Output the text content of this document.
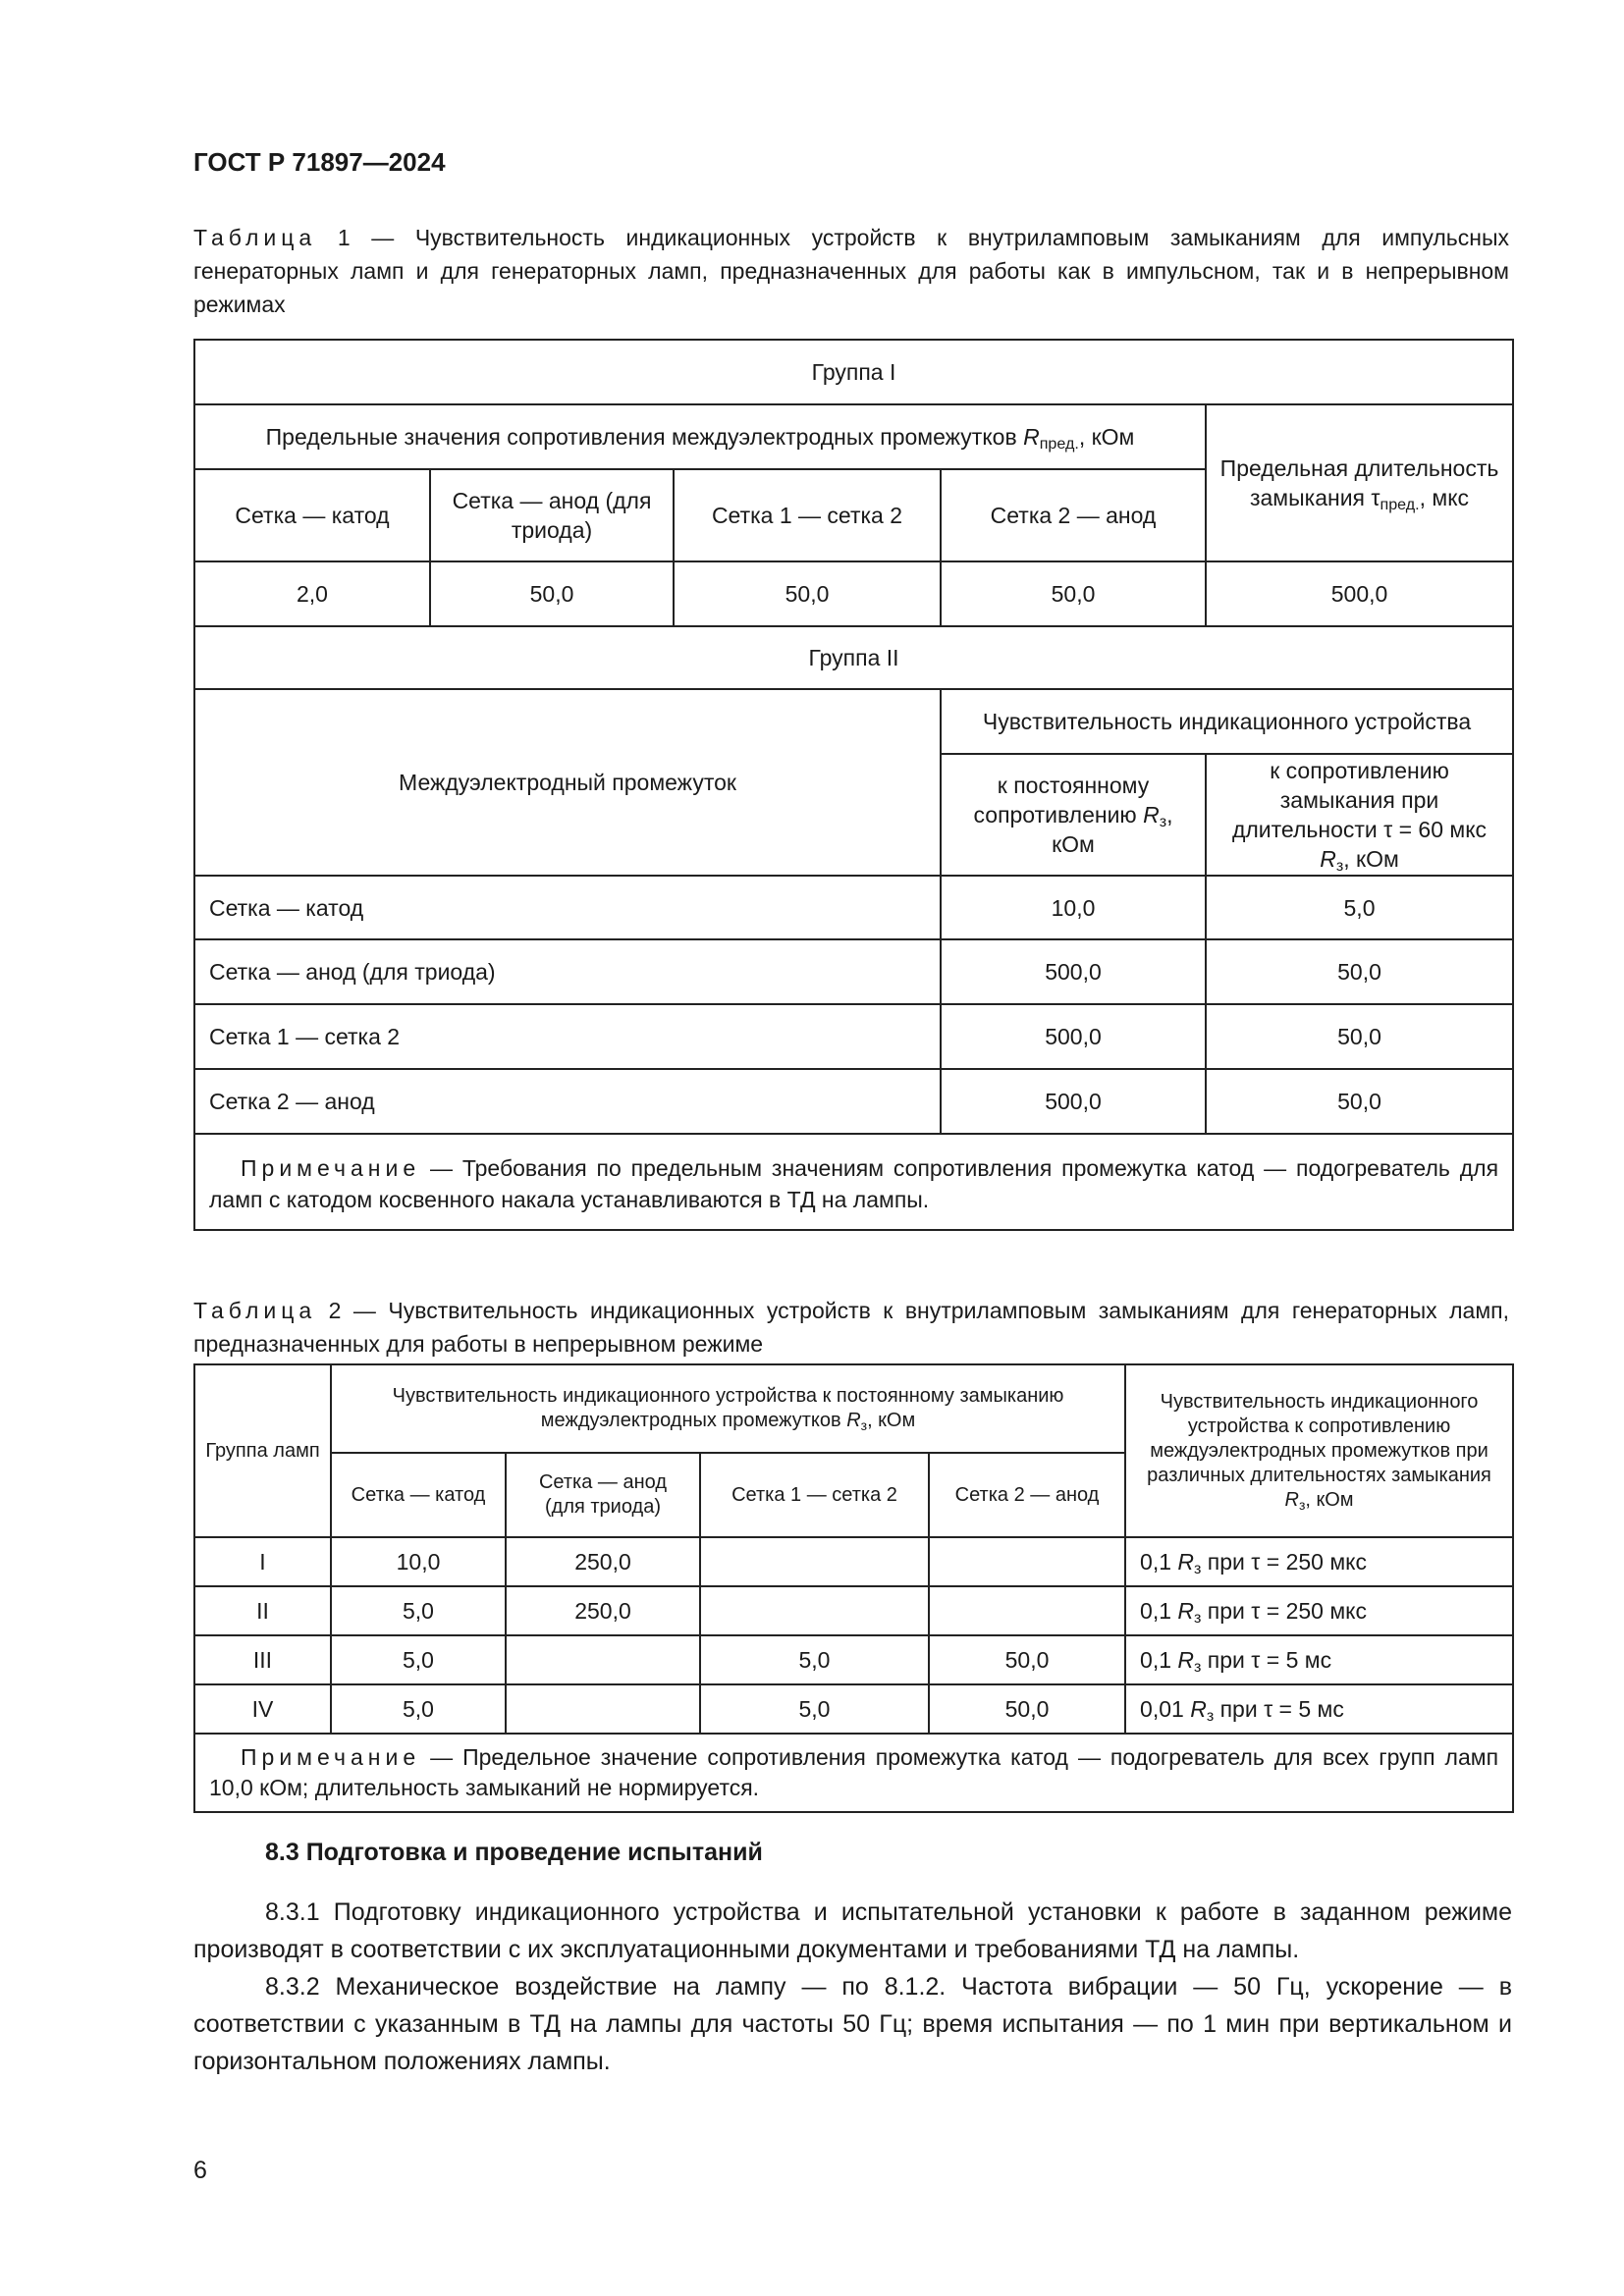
ГОСТ Р 71897—2024
Таблица 1 — Чувствительность индикационных устройств к внутриламповым замыканиям для импульсных генераторных ламп и для генераторных ламп, предназначенных для работы как в импульсном, так и в непрерывном режимах
Группа I				
Предельные значения сопротивления междуэлектродных промежутков $R_{пред.}$, кОм				Предельная длительность замыкания $\tau_{пред.}$, мкс
Сетка — катод	Сетка — анод (для триода)	Сетка 1 — сетка 2	Сетка 2 — анод	
2,0	50,0	50,0	50,0	500,0
Группа II				
Междуэлектродный промежуток			Чувствительность индикационного устройства	
			к постоянному сопротивлению $R_з$, кОм	к сопротивлению замыкания при длительности τ = 60 мкс $R_з$, кОм
Сетка — катод			10,0	5,0
Сетка — анод (для триода)			500,0	50,0
Сетка 1 — сетка 2			500,0	50,0
Сетка 2 — анод			500,0	50,0
Примечание — Требования по предельным значениям сопротивления промежутка катод — подогреватель для ламп с катодом косвенного накала устанавливаются в ТД на лампы.				
Таблица 2 — Чувствительность индикационных устройств к внутриламповым замыканиям для генераторных ламп, предназначенных для работы в непрерывном режиме
Группа ламп	Чувствительность индикационного устройства к постоянному замыканию междуэлектродных промежутков $R_з$, кОм				Чувствительность индикационного устройства к сопротивлению междуэлектродных промежутков при различных длительностях замыкания $R_з$, кОм
	Сетка — катод	Сетка — анод (для триода)	Сетка 1 — сетка 2	Сетка 2 — анод	
I	10,0	250,0			0,1 $R_з$ при τ = 250 мкс
II	5,0	250,0			0,1 $R_з$ при τ = 250 мкс
III	5,0		5,0	50,0	0,1 $R_з$ при τ = 5 мс
IV	5,0		5,0	50,0	0,01 $R_з$ при τ = 5 мс
Примечание — Предельное значение сопротивления промежутка катод — подогреватель для всех групп ламп 10,0 кОм; длительность замыканий не нормируется.					
8.3 Подготовка и проведение испытаний
8.3.1 Подготовку индикационного устройства и испытательной установки к работе в заданном режиме производят в соответствии с их эксплуатационными документами и требованиями ТД на лампы.
8.3.2 Механическое воздействие на лампу — по 8.1.2. Частота вибрации — 50 Гц, ускорение — в соответствии с указанным в ТД на лампы для частоты 50 Гц; время испытания — по 1 мин при вертикальном и горизонтальном положениях лампы.
6
